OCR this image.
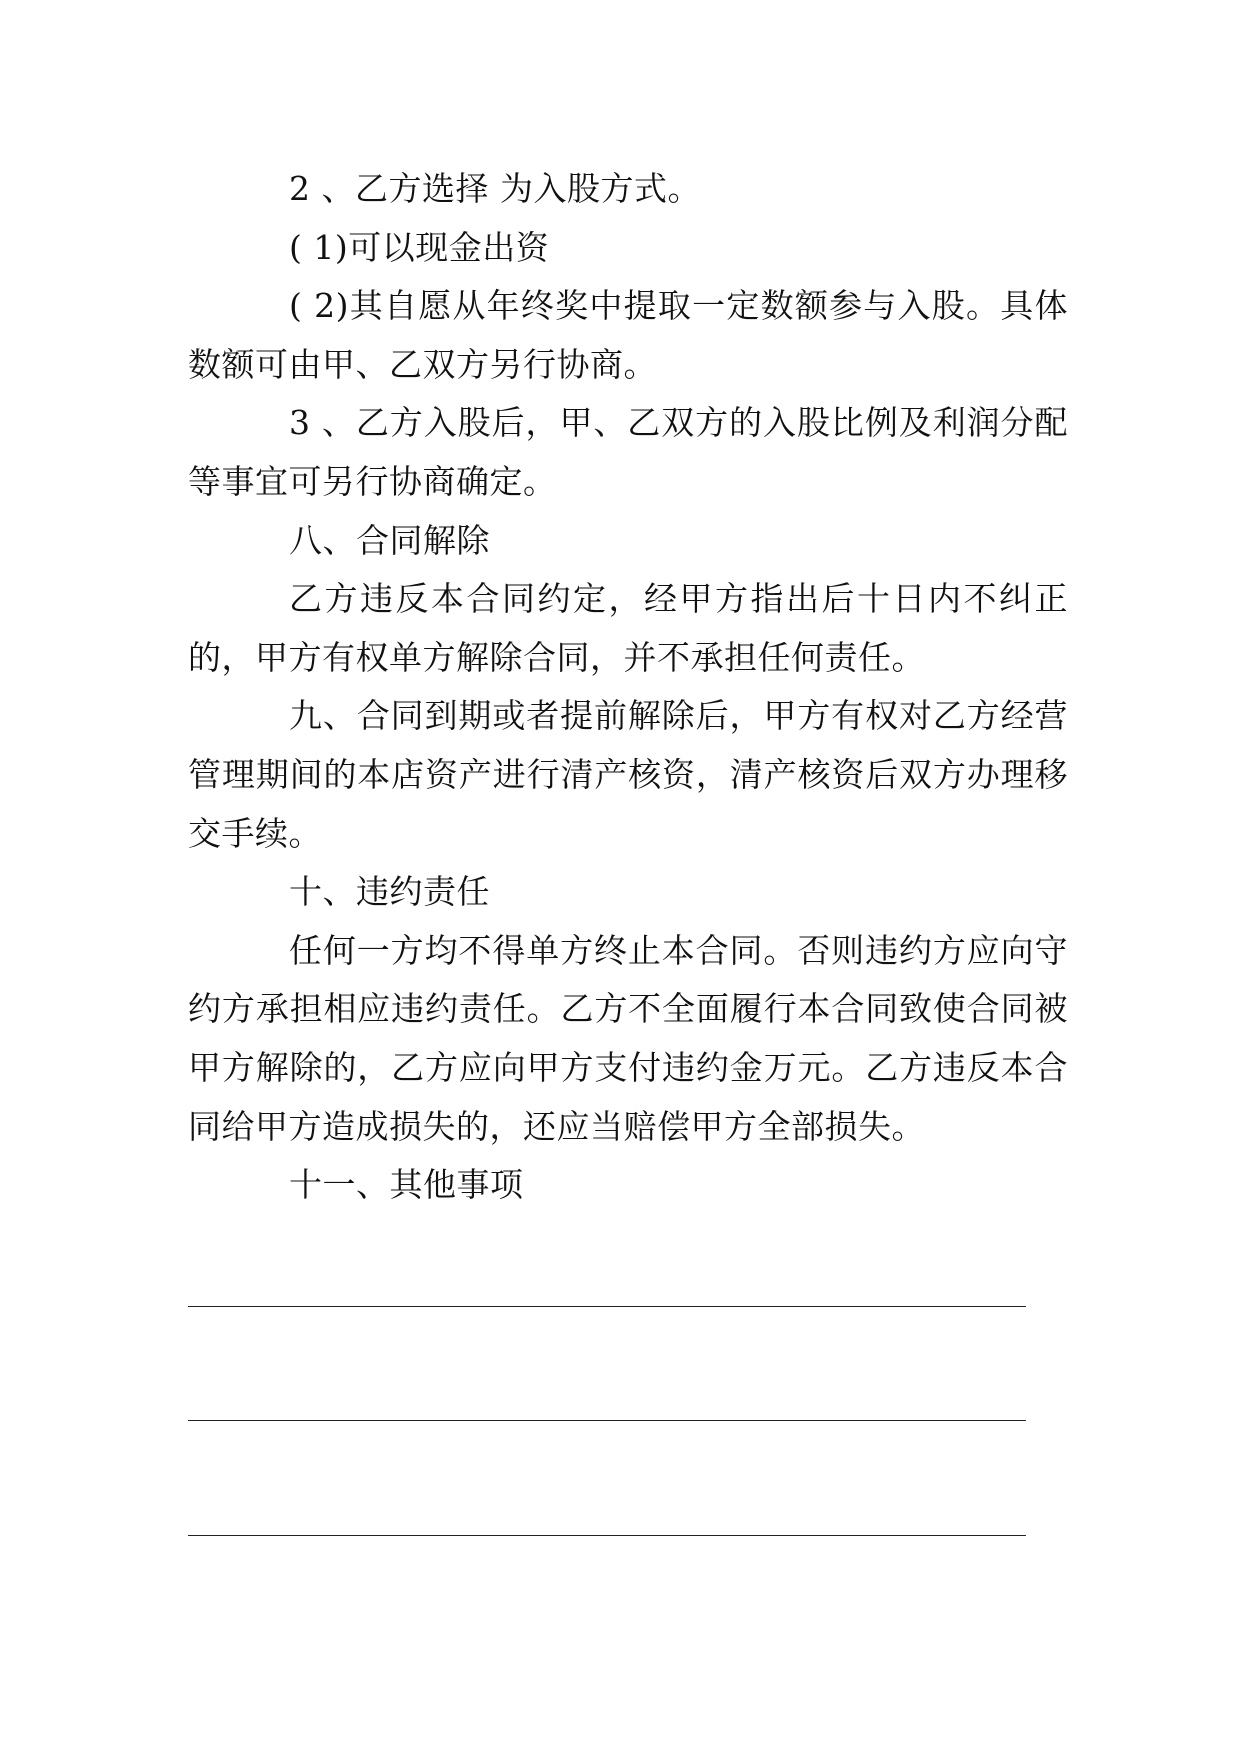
2 、乙方选择 为入股方式。

( 1)可以现金出资

( 2)其自愿从年终奖中提取一定数额参与入股。具体数额可由甲、乙双方另行协商。

3 、乙方入股后，甲、乙双方的入股比例及利润分配等事宜可另行协商确定。

八、合同解除

乙方违反本合同约定，经甲方指出后十日内不纠正的，甲方有权单方解除合同，并不承担任何责任。

九、合同到期或者提前解除后，甲方有权对乙方经营管理期间的本店资产进行清产核资，清产核资后双方办理移交手续。

十、违约责任

任何一方均不得单方终止本合同。否则违约方应向守约方承担相应违约责任。乙方不全面履行本合同致使合同被甲方解除的，乙方应向甲方支付违约金万元。乙方违反本合同给甲方造成损失的，还应当赔偿甲方全部损失。

十一、其他事项
